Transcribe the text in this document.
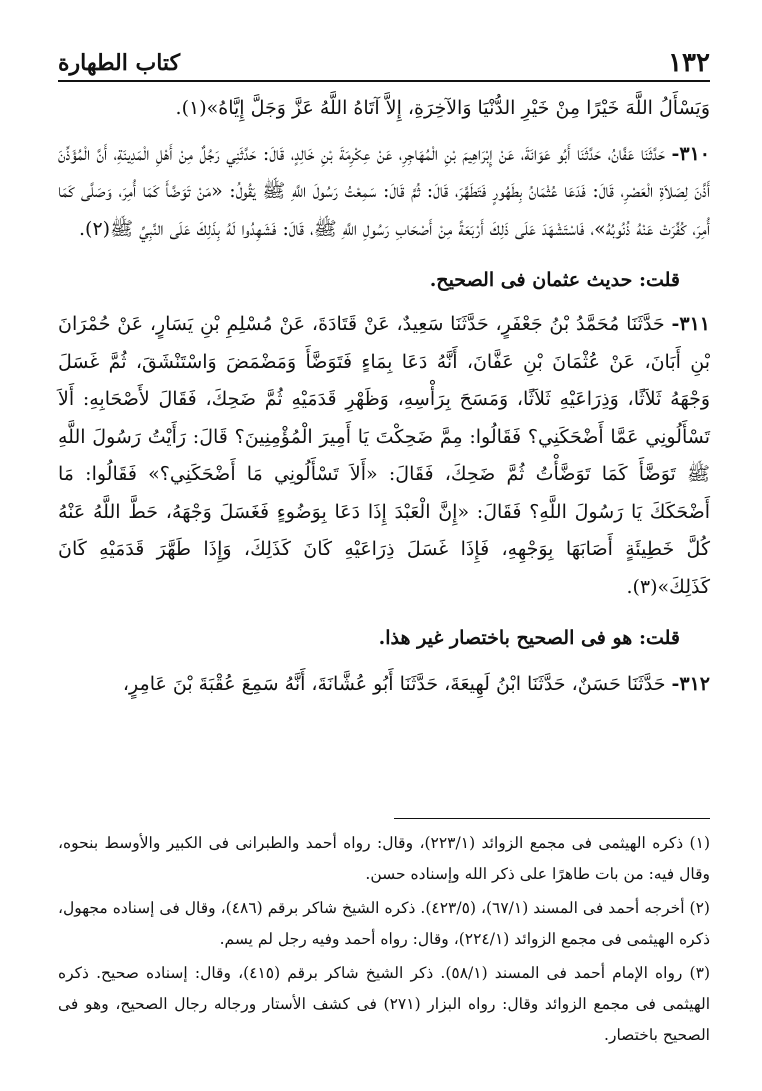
١٣٢
كتاب الطهارة

وَيَسْأَلُ اللَّهَ خَيْرًا مِنْ خَيْرِ الدُّنْيَا وَالآخِرَةِ، إِلاَّ آتَاهُ اللَّهُ عَزَّ وَجَلَّ إِيَّاهُ»(١).

٣١٠- حَدَّثَنَا عَفَّانُ، حَدَّثَنَا أَبُو عَوَانَةَ، عَنْ إِبْرَاهِيمَ بْنِ الْمُهَاجِرِ، عَنْ عِكْرِمَةَ بْنِ خَالِدٍ، قَالَ: حَدَّثَنِي رَجُلٌ مِنْ أَهْلِ الْمَدِينَةِ، أَنَّ الْمُؤَذِّنَ أَذَّنَ لِصَلاَةِ الْعَصْرِ، قَالَ: فَدَعَا عُثْمَانُ بِطَهُورٍ فَتَطَهَّرَ، قَالَ: ثُمَّ قَالَ: سَمِعْتُ رَسُولَ اللَّهِ ﷺ يَقُولُ: «مَنْ تَوَضَّأَ كَمَا أُمِرَ، وَصَلَّى كَمَا أُمِرَ، كُفِّرَتْ عَنْهُ ذُنُوبُهُ»، فَاسْتَشْهَدَ عَلَى ذَلِكَ أَرْبَعَةً مِنْ أَصْحَابِ رَسُولِ اللَّهِ ﷺ، قَالَ: فَشَهِدُوا لَهُ بِذَلِكَ عَلَى النَّبِيِّ ﷺ(٢).

قلت: حديث عثمان فى الصحيح.

٣١١- حَدَّثَنَا مُحَمَّدُ بْنُ جَعْفَرٍ، حَدَّثَنَا سَعِيدٌ، عَنْ قَتَادَةَ، عَنْ مُسْلِمِ بْنِ يَسَارٍ، عَنْ حُمْرَانَ بْنِ أَبَانَ، عَنْ عُثْمَانَ بْنِ عَفَّانَ، أَنَّهُ دَعَا بِمَاءٍ فَتَوَضَّأَ وَمَضْمَضَ وَاسْتَنْشَقَ، ثُمَّ غَسَلَ وَجْهَهُ ثَلاَثًا، وَذِرَاعَيْهِ ثَلاَثًا، وَمَسَحَ بِرَأْسِهِ، وَظَهْرِ قَدَمَيْهِ ثُمَّ ضَحِكَ، فَقَالَ لأَصْحَابِهِ: أَلاَ تَسْأَلُونِي عَمَّا أَضْحَكَنِي؟ فَقَالُوا: مِمَّ ضَحِكْتَ يَا أَمِيرَ الْمُؤْمِنِينَ؟ قَالَ: رَأَيْتُ رَسُولَ اللَّهِ ﷺ تَوَضَّأَ كَمَا تَوَضَّأْتُ ثُمَّ ضَحِكَ، فَقَالَ: «أَلاَ تَسْأَلُونِي مَا أَضْحَكَنِي؟» فَقَالُوا: مَا أَضْحَكَكَ يَا رَسُولَ اللَّهِ؟ فَقَالَ: «إِنَّ الْعَبْدَ إِذَا دَعَا بِوَضُوءٍ فَغَسَلَ وَجْهَهُ، حَطَّ اللَّهُ عَنْهُ كُلَّ خَطِيئَةٍ أَصَابَهَا بِوَجْهِهِ، فَإِذَا غَسَلَ ذِرَاعَيْهِ كَانَ كَذَلِكَ، وَإِذَا طَهَّرَ قَدَمَيْهِ كَانَ كَذَلِكَ»(٣).

قلت: هو فى الصحيح باختصار غير هذا.

٣١٢- حَدَّثَنَا حَسَنٌ، حَدَّثَنَا ابْنُ لَهِيعَةَ، حَدَّثَنَا أَبُو عُشَّانَةَ، أَنَّهُ سَمِعَ عُقْبَةَ بْنَ عَامِرٍ،

(١) ذكره الهيثمى فى مجمع الزوائد (٢٢٣/١)، وقال: رواه أحمد والطبرانى فى الكبير والأوسط بنحوه، وقال فيه: من بات طاهرًا على ذكر الله وإسناده حسن.

(٢) أخرجه أحمد فى المسند (٦٧/١)، (٤٢٣/٥). ذكره الشيخ شاكر برقم (٤٨٦)، وقال فى إسناده مجهول، ذكره الهيثمى فى مجمع الزوائد (٢٢٤/١)، وقال: رواه أحمد وفيه رجل لم يسم.

(٣) رواه الإمام أحمد فى المسند (٥٨/١). ذكر الشيخ شاكر برقم (٤١٥)، وقال: إسناده صحيح. ذكره الهيثمى فى مجمع الزوائد وقال: رواه البزار (٢٧١) فى كشف الأستار ورجاله رجال الصحيح، وهو فى الصحيح باختصار.
